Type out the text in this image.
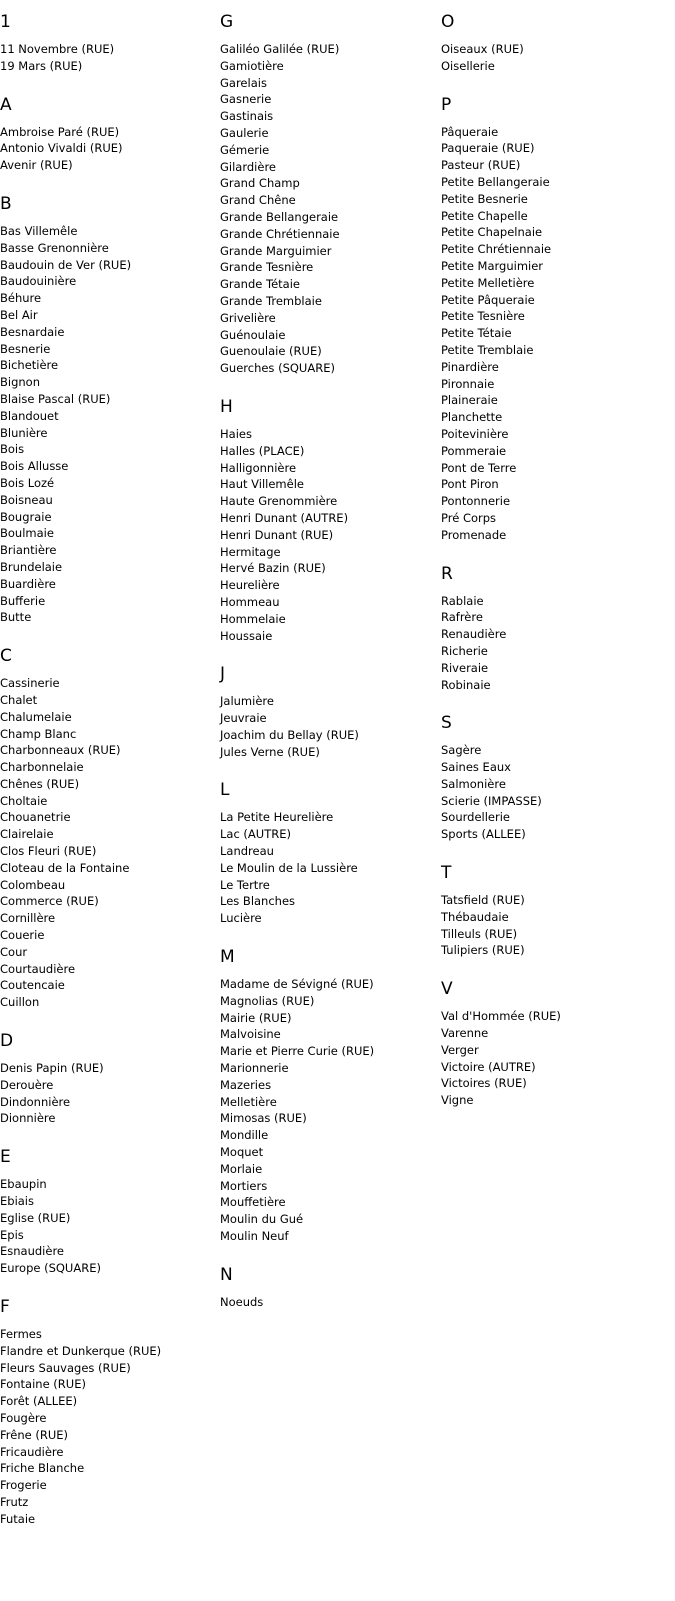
1
11 Novembre (RUE)
19 Mars (RUE)
A
Ambroise Paré (RUE)
Antonio Vivaldi (RUE)
Avenir (RUE)
B
Bas Villemêle
Basse Grenonnière
Baudouin de Ver (RUE)
Baudouinière
Béhure
Bel Air
Besnardaie
Besnerie
Bichetière
Bignon
Blaise Pascal (RUE)
Blandouet
Blunière
Bois
Bois Allusse
Bois Lozé
Boisneau
Bougraie
Boulmaie
Briantière
Brundelaie
Buardière
Bufferie
Butte
C
Cassinerie
Chalet
Chalumelaie
Champ Blanc
Charbonneaux (RUE)
Charbonnelaie
Chênes (RUE)
Choltaie
Chouanetrie
Clairelaie
Clos Fleuri (RUE)
Cloteau de la Fontaine
Colombeau
Commerce (RUE)
Cornillère
Couerie
Cour
Courtaudière
Coutencaie
Cuillon
D
Denis Papin (RUE)
Derouère
Dindonnière
Dionnière
E
Ebaupin
Ebiais
Eglise (RUE)
Epis
Esnaudière
Europe (SQUARE)
F
Fermes
Flandre et Dunkerque (RUE)
Fleurs Sauvages (RUE)
Fontaine (RUE)
Forêt (ALLEE)
Fougère
Frêne (RUE)
Fricaudière
Friche Blanche
Frogerie
Frutz
Futaie
G
Galiléo Galilée (RUE)
Gamiotière
Garelais
Gasnerie
Gastinais
Gaulerie
Gémerie
Gilardière
Grand Champ
Grand Chêne
Grande Bellangeraie
Grande Chrétiennaie
Grande Marguimier
Grande Tesnière
Grande Tétaie
Grande Tremblaie
Grivelière
Guénoulaie
Guenoulaie (RUE)
Guerches (SQUARE)
H
Haies
Halles (PLACE)
Halligonnière
Haut Villemêle
Haute Grenommière
Henri Dunant (AUTRE)
Henri Dunant (RUE)
Hermitage
Hervé Bazin (RUE)
Heurelière
Hommeau
Hommelaie
Houssaie
J
Jalumière
Jeuvraie
Joachim du Bellay (RUE)
Jules Verne (RUE)
L
La Petite Heurelière
Lac (AUTRE)
Landreau
Le Moulin de la Lussière
Le Tertre
Les Blanches
Lucière
M
Madame de Sévigné (RUE)
Magnolias (RUE)
Mairie (RUE)
Malvoisine
Marie et Pierre Curie (RUE)
Marionnerie
Mazeries
Melletière
Mimosas (RUE)
Mondille
Moquet
Morlaie
Mortiers
Mouffetière
Moulin du Gué
Moulin Neuf
N
Noeuds
O
Oiseaux (RUE)
Oisellerie
P
Pâqueraie
Paqueraie (RUE)
Pasteur (RUE)
Petite Bellangeraie
Petite Besnerie
Petite Chapelle
Petite Chapelnaie
Petite Chrétiennaie
Petite Marguimier
Petite Melletière
Petite Pâqueraie
Petite Tesnière
Petite Tétaie
Petite Tremblaie
Pinardière
Pironnaie
Plaineraie
Planchette
Poitevinière
Pommeraie
Pont de Terre
Pont Piron
Pontonnerie
Pré Corps
Promenade
R
Rablaie
Rafrère
Renaudière
Richerie
Riveraie
Robinaie
S
Sagère
Saines Eaux
Salmonière
Scierie (IMPASSE)
Sourdellerie
Sports (ALLEE)
T
Tatsfield (RUE)
Thébaudaie
Tilleuls (RUE)
Tulipiers (RUE)
V
Val d'Hommée (RUE)
Varenne
Verger
Victoire (AUTRE)
Victoires (RUE)
Vigne
